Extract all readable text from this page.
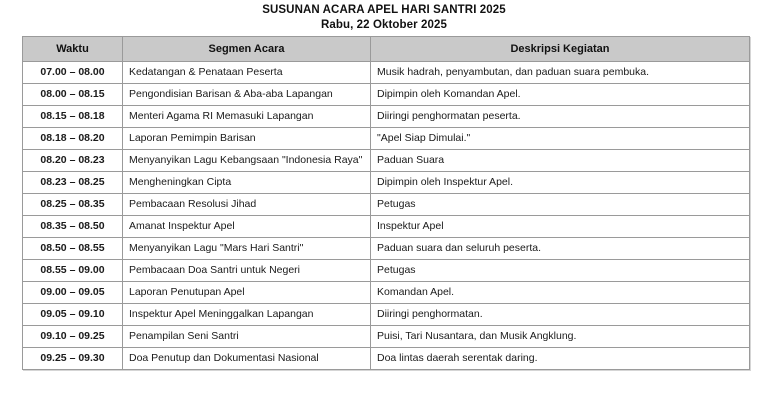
SUSUNAN ACARA APEL HARI SANTRI 2025
Rabu, 22 Oktober 2025
Waktu	Segmen Acara	Deskripsi Kegiatan
07.00 – 08.00	Kedatangan & Penataan Peserta	Musik hadrah, penyambutan, dan paduan suara pembuka.
08.00 – 08.15	Pengondisian Barisan & Aba-aba Lapangan	Dipimpin oleh Komandan Apel.
08.15 – 08.18	Menteri Agama RI Memasuki Lapangan	Diiringi penghormatan peserta.
08.18 – 08.20	Laporan Pemimpin Barisan	"Apel Siap Dimulai."
08.20 – 08.23	Menyanyikan Lagu Kebangsaan "Indonesia Raya"	Paduan Suara
08.23 – 08.25	Mengheningkan Cipta	Dipimpin oleh Inspektur Apel.
08.25 – 08.35	Pembacaan Resolusi Jihad	Petugas
08.35 – 08.50	Amanat Inspektur Apel	Inspektur Apel
08.50 – 08.55	Menyanyikan Lagu "Mars Hari Santri"	Paduan suara dan seluruh peserta.
08.55 – 09.00	Pembacaan Doa Santri untuk Negeri	Petugas
09.00 – 09.05	Laporan Penutupan Apel	Komandan Apel.
09.05 – 09.10	Inspektur Apel Meninggalkan Lapangan	Diiringi penghormatan.
09.10 – 09.25	Penampilan Seni Santri	Puisi, Tari Nusantara, dan Musik Angklung.
09.25 – 09.30	Doa Penutup dan Dokumentasi Nasional	Doa lintas daerah serentak daring.
